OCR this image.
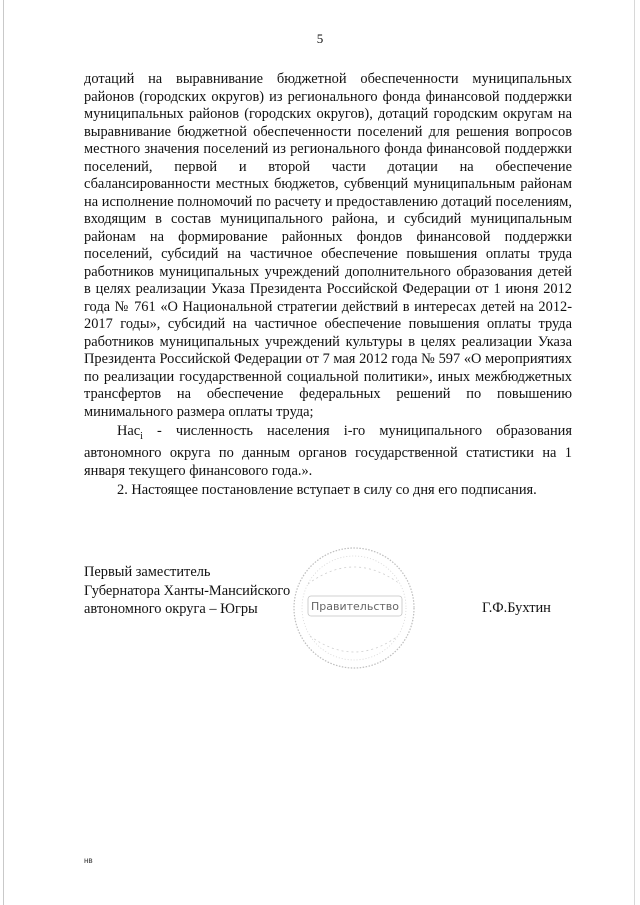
5

дотаций на выравнивание бюджетной обеспеченности муниципальных районов (городских округов) из регионального фонда финансовой поддержки муниципальных районов (городских округов), дотаций городским округам на выравнивание бюджетной обеспеченности поселений для решения вопросов местного значения поселений из регионального фонда финансовой поддержки поселений, первой и второй части дотации на обеспечение сбалансированности местных бюджетов, субвенций муниципальным районам на исполнение полномочий по расчету и предоставлению дотаций поселениям, входящим в состав муниципального района, и субсидий муниципальным районам на формирование районных фондов финансовой поддержки поселений, субсидий на частичное обеспечение повышения оплаты труда работников муниципальных учреждений дополнительного образования детей в целях реализации Указа Президента Российской Федерации от 1 июня 2012 года № 761 «О Национальной стратегии действий в интересах детей на 2012-2017 годы», субсидий на частичное обеспечение повышения оплаты труда работников муниципальных учреждений культуры в целях реализации Указа Президента Российской Федерации от 7 мая 2012 года № 597 «О мероприятиях по реализации государственной социальной политики», иных межбюджетных трансфертов на обеспечение федеральных решений по повышению минимального размера оплаты труда;

Нас$_i$ - численность населения i-го муниципального образования автономного округа по данным органов государственной статистики на 1 января текущего финансового года.».

2. Настоящее постановление вступает в силу со дня его подписания.

Правительство
Первый заместитель
Губернатора Ханты-Мансийского
автономного округа – Югры	Г.Ф.Бухтин
нв
